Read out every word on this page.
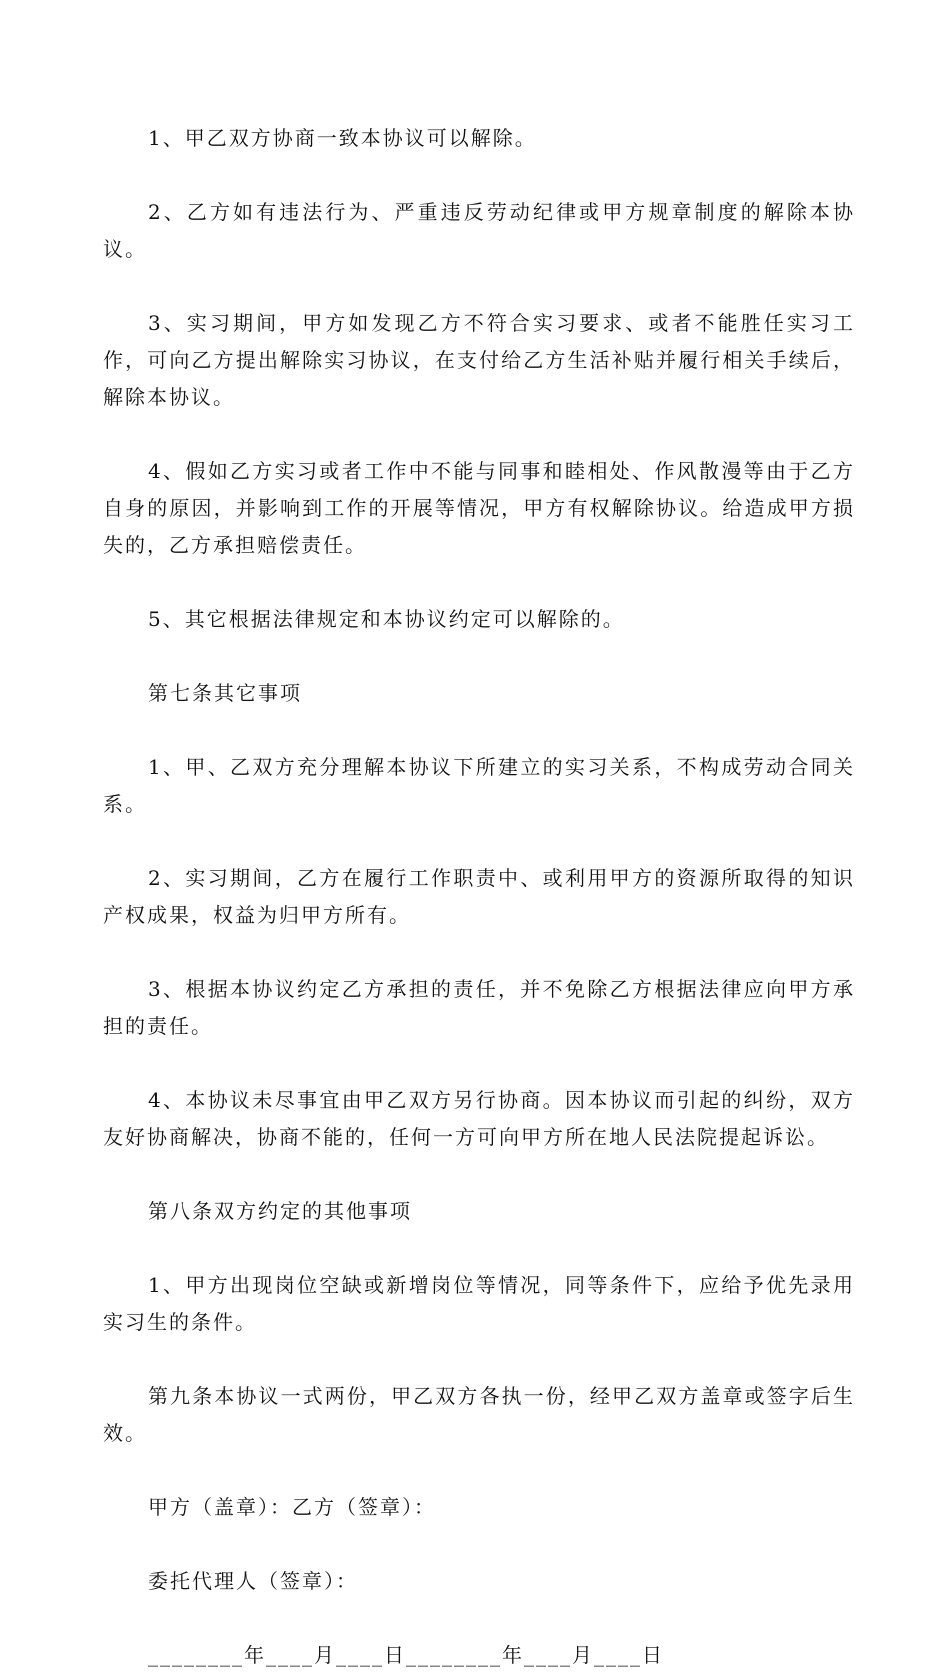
1、甲乙双方协商一致本协议可以解除。

2、乙方如有违法行为、严重违反劳动纪律或甲方规章制度的解除本协议。

3、实习期间，甲方如发现乙方不符合实习要求、或者不能胜任实习工作，可向乙方提出解除实习协议，在支付给乙方生活补贴并履行相关手续后，解除本协议。

4、假如乙方实习或者工作中不能与同事和睦相处、作风散漫等由于乙方自身的原因，并影响到工作的开展等情况，甲方有权解除协议。给造成甲方损失的，乙方承担赔偿责任。

5、其它根据法律规定和本协议约定可以解除的。

第七条其它事项

1、甲、乙双方充分理解本协议下所建立的实习关系，不构成劳动合同关系。

2、实习期间，乙方在履行工作职责中、或利用甲方的资源所取得的知识产权成果，权益为归甲方所有。

3、根据本协议约定乙方承担的责任，并不免除乙方根据法律应向甲方承担的责任。

4、本协议未尽事宜由甲乙双方另行协商。因本协议而引起的纠纷，双方友好协商解决，协商不能的，任何一方可向甲方所在地人民法院提起诉讼。

第八条双方约定的其他事项

1、甲方出现岗位空缺或新增岗位等情况，同等条件下，应给予优先录用实习生的条件。

第九条本协议一式两份，甲乙双方各执一份，经甲乙双方盖章或签字后生效。

甲方（盖章）：乙方（签章）：

委托代理人（签章）：

________年____月____日________年____月____日
